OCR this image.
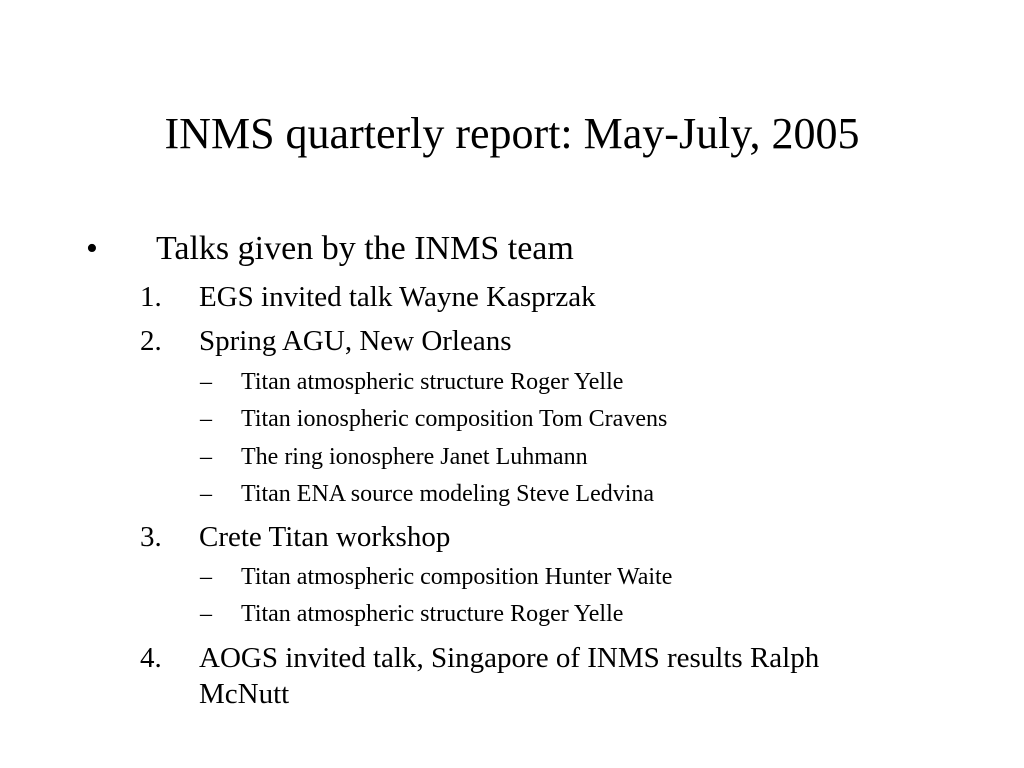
INMS quarterly report: May-July, 2005
• Talks given by the INMS team
1. EGS invited talk Wayne Kasprzak
2. Spring AGU, New Orleans
– Titan atmospheric structure Roger Yelle
– Titan ionospheric composition Tom Cravens
– The ring ionosphere Janet Luhmann
– Titan ENA source modeling Steve Ledvina
3. Crete Titan workshop
– Titan atmospheric composition Hunter Waite
– Titan atmospheric structure Roger Yelle
4. AOGS invited talk, Singapore of INMS results Ralph
McNutt
